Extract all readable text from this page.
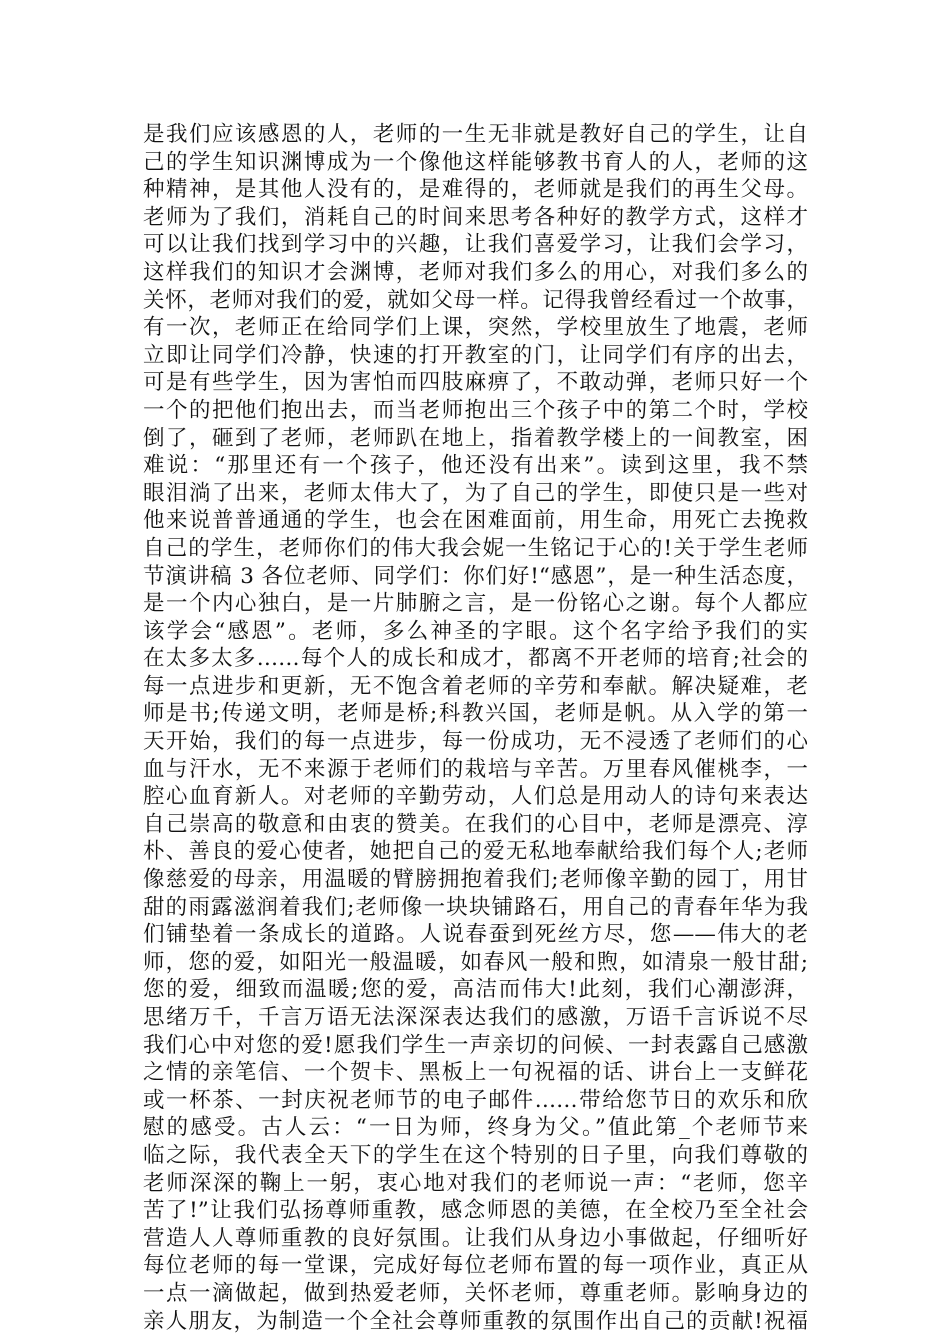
是我们应该感恩的人，老师的一生无非就是教好自己的学生，让自
己的学生知识渊博成为一个像他这样能够教书育人的人，老师的这
种精神，是其他人没有的，是难得的，老师就是我们的再生父母。
老师为了我们，消耗自己的时间来思考各种好的教学方式，这样才
可以让我们找到学习中的兴趣，让我们喜爱学习，让我们会学习，
这样我们的知识才会渊博，老师对我们多么的用心，对我们多么的
关怀，老师对我们的爱，就如父母一样。记得我曾经看过一个故事，
有一次，老师正在给同学们上课，突然，学校里放生了地震，老师
立即让同学们冷静，快速的打开教室的门，让同学们有序的出去，
可是有些学生，因为害怕而四肢麻痹了，不敢动弹，老师只好一个
一个的把他们抱出去，而当老师抱出三个孩子中的第二个时，学校
倒了，砸到了老师，老师趴在地上，指着教学楼上的一间教室，困
难说：“那里还有一个孩子，他还没有出来”。读到这里，我不禁
眼泪淌了出来，老师太伟大了，为了自己的学生，即使只是一些对
他来说普普通通的学生，也会在困难面前，用生命，用死亡去挽救
自己的学生，老师你们的伟大我会妮一生铭记于心的!关于学生老师
节演讲稿 3 各位老师、同学们：你们好!“感恩”，是一种生活态度，
是一个内心独白，是一片肺腑之言，是一份铭心之谢。每个人都应
该学会“感恩”。老师，多么神圣的字眼。这个名字给予我们的实
在太多太多……每个人的成长和成才，都离不开老师的培育;社会的
每一点进步和更新，无不饱含着老师的辛劳和奉献。解决疑难，老
师是书;传递文明，老师是桥;科教兴国，老师是帆。从入学的第一
天开始，我们的每一点进步，每一份成功，无不浸透了老师们的心
血与汗水，无不来源于老师们的栽培与辛苦。万里春风催桃李，一
腔心血育新人。对老师的辛勤劳动，人们总是用动人的诗句来表达
自己崇高的敬意和由衷的赞美。在我们的心目中，老师是漂亮、淳
朴、善良的爱心使者，她把自己的爱无私地奉献给我们每个人;老师
像慈爱的母亲，用温暖的臂膀拥抱着我们;老师像辛勤的园丁，用甘
甜的雨露滋润着我们;老师像一块块铺路石，用自己的青春年华为我
们铺垫着一条成长的道路。人说春蚕到死丝方尽，您——伟大的老
师，您的爱，如阳光一般温暖，如春风一般和煦，如清泉一般甘甜;
您的爱，细致而温暖;您的爱，高洁而伟大!此刻，我们心潮澎湃，
思绪万千，千言万语无法深深表达我们的感激，万语千言诉说不尽
我们心中对您的爱!愿我们学生一声亲切的问候、一封表露自己感激
之情的亲笔信、一个贺卡、黑板上一句祝福的话、讲台上一支鲜花
或一杯茶、一封庆祝老师节的电子邮件……带给您节日的欢乐和欣
慰的感受。古人云：“一日为师，终身为父。”值此第_个老师节来
临之际，我代表全天下的学生在这个特别的日子里，向我们尊敬的
老师深深的鞠上一躬，衷心地对我们的老师说一声：“老师，您辛
苦了!”让我们弘扬尊师重教，感念师恩的美德，在全校乃至全社会
营造人人尊师重教的良好氛围。让我们从身边小事做起，仔细听好
每位老师的每一堂课，完成好每位老师布置的每一项作业，真正从
一点一滴做起，做到热爱老师，关怀老师，尊重老师。影响身边的
亲人朋友，为制造一个全社会尊师重教的氛围作出自己的贡献!祝福
